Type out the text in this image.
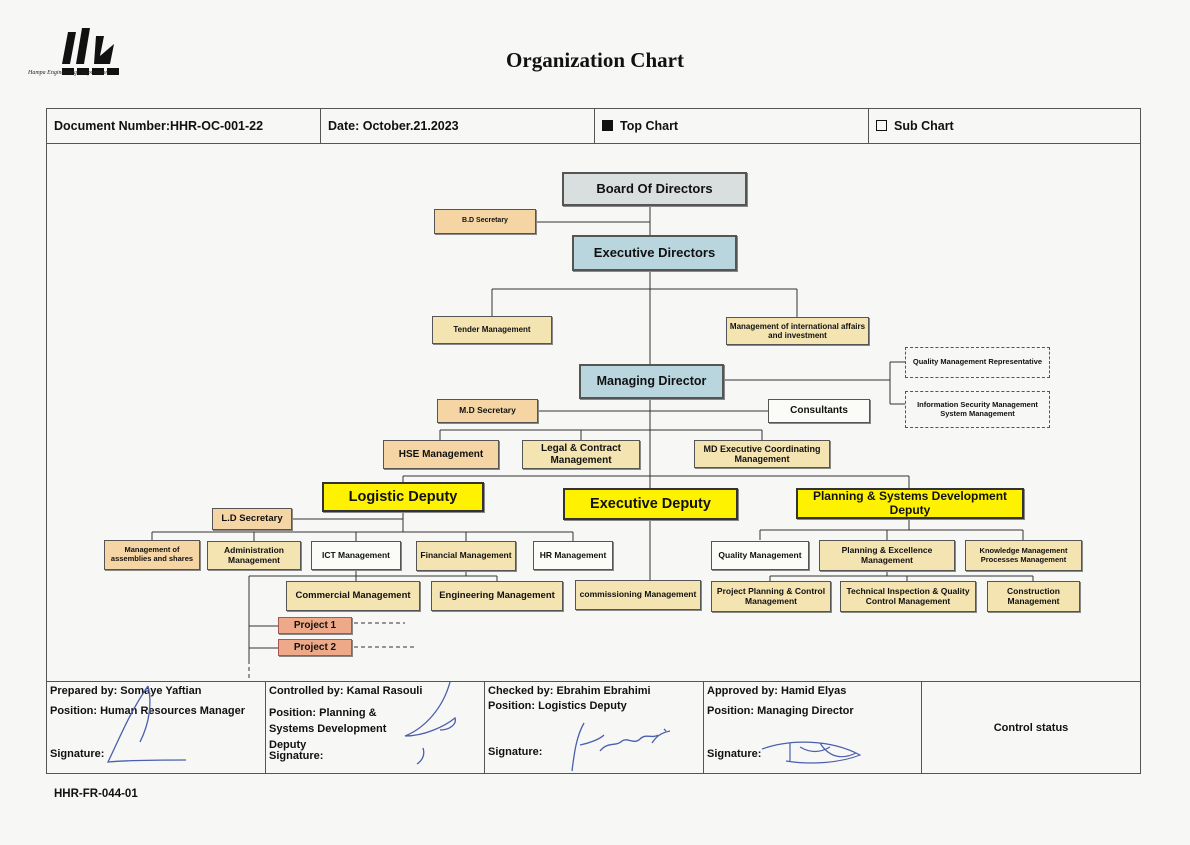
Hampa Engineering Corporation
Organization Chart
Document Number:HHR-OC-001-22	Date: October.21.2023	Top Chart	Sub Chart
Board Of Directors
B.D Secretary
Executive Directors
Tender Management	Management of international affairs and investment
Quality Management Representative
Information Security Management System Management
Managing Director
M.D Secretary	Consultants
HSE Management
Legal & Contract Management
MD Executive Coordinating Management
Logistic Deputy	Executive Deputy	Planning & Systems Development Deputy
L.D Secretary
Management of assemblies and shares
Administration Management	ICT Management	Financial Management	HR Management
Commercial Management	Engineering Management
Project 1
Project 2
commissioning Management
Quality Management	Planning & Excellence Management
Knowledge Management Processes Management
Project Planning & Control Management
Technical Inspection & Quality Control Management
Construction Management
Prepared by: Somaye Yaftian
Position: Human Resources Manager
Signature:
Controlled by: Kamal Rasouli
Position: Planning & Systems Development Deputy
Signature:
Checked by: Ebrahim Ebrahimi
Position: Logistics Deputy
Signature:
Approved by: Hamid Elyas
Position: Managing Director
Signature:
Control status
HHR-FR-044-01
